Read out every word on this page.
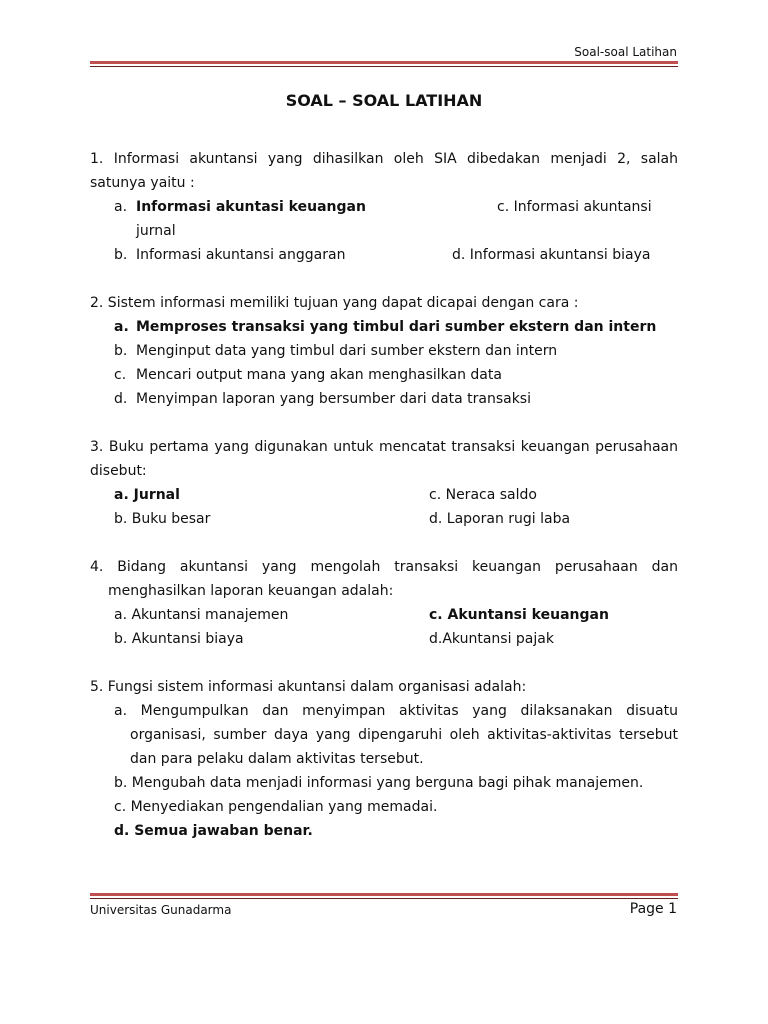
Soal-soal Latihan
SOAL – SOAL LATIHAN
1. Informasi akuntansi yang dihasilkan oleh SIA dibedakan menjadi 2, salah satunya yaitu :
a. Informasi akuntasi keuangan	c. Informasi akuntansi
jurnal
b. Informasi akuntansi anggaran	d. Informasi akuntansi biaya
2. Sistem informasi memiliki tujuan yang dapat dicapai dengan cara :
a. Memproses transaksi yang timbul dari sumber ekstern dan intern
b. Menginput data yang timbul dari sumber ekstern dan intern
c. Mencari output mana yang akan menghasilkan data
d. Menyimpan laporan yang bersumber dari data transaksi
3. Buku pertama yang digunakan untuk mencatat transaksi keuangan perusahaan disebut:
a. Jurnal	c. Neraca saldo
b. Buku besar	d. Laporan rugi laba
4. Bidang akuntansi yang mengolah transaksi keuangan perusahaan dan menghasilkan laporan keuangan adalah:
a. Akuntansi manajemen	c. Akuntansi keuangan
b. Akuntansi biaya	d.Akuntansi pajak
5. Fungsi sistem informasi akuntansi dalam organisasi adalah:
a. Mengumpulkan dan menyimpan aktivitas yang dilaksanakan disuatu organisasi, sumber daya yang dipengaruhi oleh aktivitas-aktivitas tersebut dan para pelaku dalam aktivitas tersebut.
b. Mengubah data menjadi informasi yang berguna bagi pihak manajemen.
c. Menyediakan pengendalian yang memadai.
d. Semua jawaban benar.
Universitas Gunadarma	Page 1
